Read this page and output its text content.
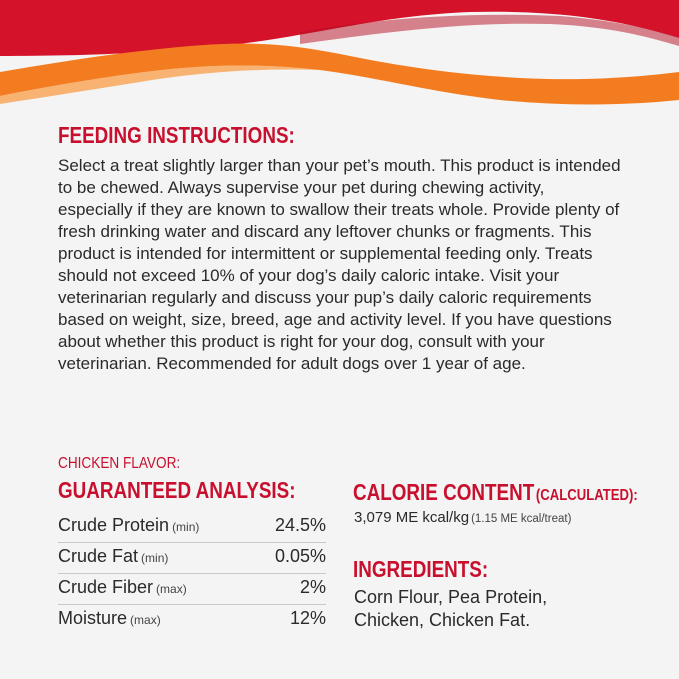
FEEDING INSTRUCTIONS:

Select a treat slightly larger than your pet’s mouth. This product is intended to be chewed. Always supervise your pet during chewing activity, especially if they are known to swallow their treats whole. Provide plenty of fresh drinking water and discard any leftover chunks or fragments. This product is intended for intermittent or supplemental feeding only. Treats should not exceed 10% of your dog’s daily caloric intake. Visit your veterinarian regularly and discuss your pup’s daily caloric requirements based on weight, size, breed, age and activity level. If you have questions about whether this product is right for your dog, consult with your veterinarian. Recommended for adult dogs over 1 year of age.

CHICKEN FLAVOR:
GUARANTEED ANALYSIS:
Crude Protein (min)	24.5%
Crude Fat (min)	0.05%
Crude Fiber (max)	2%
Moisture (max)	12%
CALORIE CONTENT (CALCULATED):
3,079 ME kcal/kg (1.15 ME kcal/treat)
INGREDIENTS:

Corn Flour, Pea Protein, Chicken, Chicken Fat.
